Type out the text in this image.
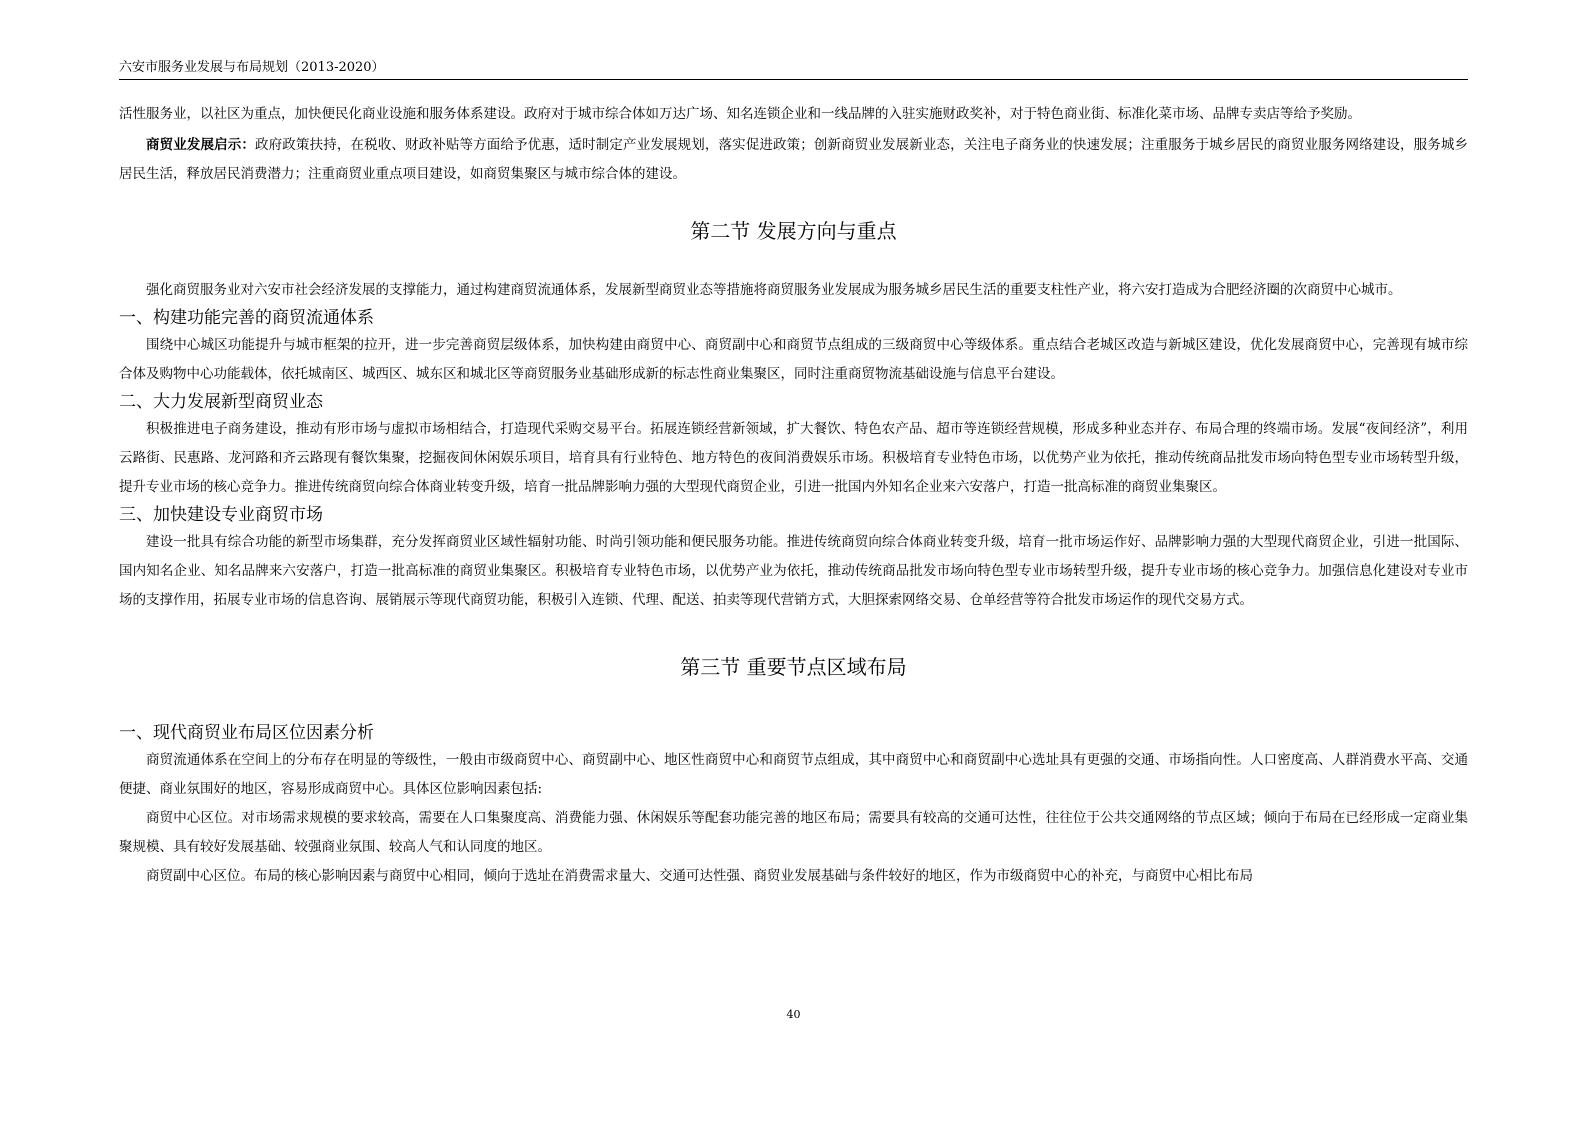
六安市服务业发展与布局规划（2013-2020）

活性服务业，以社区为重点，加快便民化商业设施和服务体系建设。政府对于城市综合体如万达广场、知名连锁企业和一线品牌的入驻实施财政奖补，对于特色商业街、标准化菜市场、品牌专卖店等给予奖励。

商贸业发展启示：政府政策扶持，在税收、财政补贴等方面给予优惠，适时制定产业发展规划，落实促进政策；创新商贸业发展新业态，关注电子商务业的快速发展；注重服务于城乡居民的商贸业服务网络建设，服务城乡居民生活，释放居民消费潜力；注重商贸业重点项目建设，如商贸集聚区与城市综合体的建设。

第二节 发展方向与重点

强化商贸服务业对六安市社会经济发展的支撑能力，通过构建商贸流通体系，发展新型商贸业态等措施将商贸服务业发展成为服务城乡居民生活的重要支柱性产业，将六安打造成为合肥经济圈的次商贸中心城市。

一、构建功能完善的商贸流通体系

围绕中心城区功能提升与城市框架的拉开，进一步完善商贸层级体系，加快构建由商贸中心、商贸副中心和商贸节点组成的三级商贸中心等级体系。重点结合老城区改造与新城区建设，优化发展商贸中心，完善现有城市综合体及购物中心功能载体，依托城南区、城西区、城东区和城北区等商贸服务业基础形成新的标志性商业集聚区，同时注重商贸物流基础设施与信息平台建设。

二、大力发展新型商贸业态

积极推进电子商务建设，推动有形市场与虚拟市场相结合，打造现代采购交易平台。拓展连锁经营新领域，扩大餐饮、特色农产品、超市等连锁经营规模，形成多种业态并存、布局合理的终端市场。发展“夜间经济”，利用云路街、民惠路、龙河路和齐云路现有餐饮集聚，挖掘夜间休闲娱乐项目，培育具有行业特色、地方特色的夜间消费娱乐市场。积极培育专业特色市场，以优势产业为依托，推动传统商品批发市场向特色型专业市场转型升级，提升专业市场的核心竞争力。推进传统商贸向综合体商业转变升级，培育一批品牌影响力强的大型现代商贸企业，引进一批国内外知名企业来六安落户，打造一批高标准的商贸业集聚区。

三、加快建设专业商贸市场

建设一批具有综合功能的新型市场集群，充分发挥商贸业区域性辐射功能、时尚引领功能和便民服务功能。推进传统商贸向综合体商业转变升级，培育一批市场运作好、品牌影响力强的大型现代商贸企业，引进一批国际、国内知名企业、知名品牌来六安落户，打造一批高标准的商贸业集聚区。积极培育专业特色市场，以优势产业为依托，推动传统商品批发市场向特色型专业市场转型升级，提升专业市场的核心竞争力。加强信息化建设对专业市场的支撑作用，拓展专业市场的信息咨询、展销展示等现代商贸功能，积极引入连锁、代理、配送、拍卖等现代营销方式，大胆探索网络交易、仓单经营等符合批发市场运作的现代交易方式。

第三节 重要节点区域布局
一、现代商贸业布局区位因素分析

商贸流通体系在空间上的分布存在明显的等级性，一般由市级商贸中心、商贸副中心、地区性商贸中心和商贸节点组成，其中商贸中心和商贸副中心选址具有更强的交通、市场指向性。人口密度高、人群消费水平高、交通便捷、商业氛围好的地区，容易形成商贸中心。具体区位影响因素包括:

商贸中心区位。对市场需求规模的要求较高，需要在人口集聚度高、消费能力强、休闲娱乐等配套功能完善的地区布局；需要具有较高的交通可达性，往往位于公共交通网络的节点区域；倾向于布局在已经形成一定商业集聚规模、具有较好发展基础、较强商业氛围、较高人气和认同度的地区。

商贸副中心区位。布局的核心影响因素与商贸中心相同，倾向于选址在消费需求量大、交通可达性强、商贸业发展基础与条件较好的地区，作为市级商贸中心的补充，与商贸中心相比布局

40
